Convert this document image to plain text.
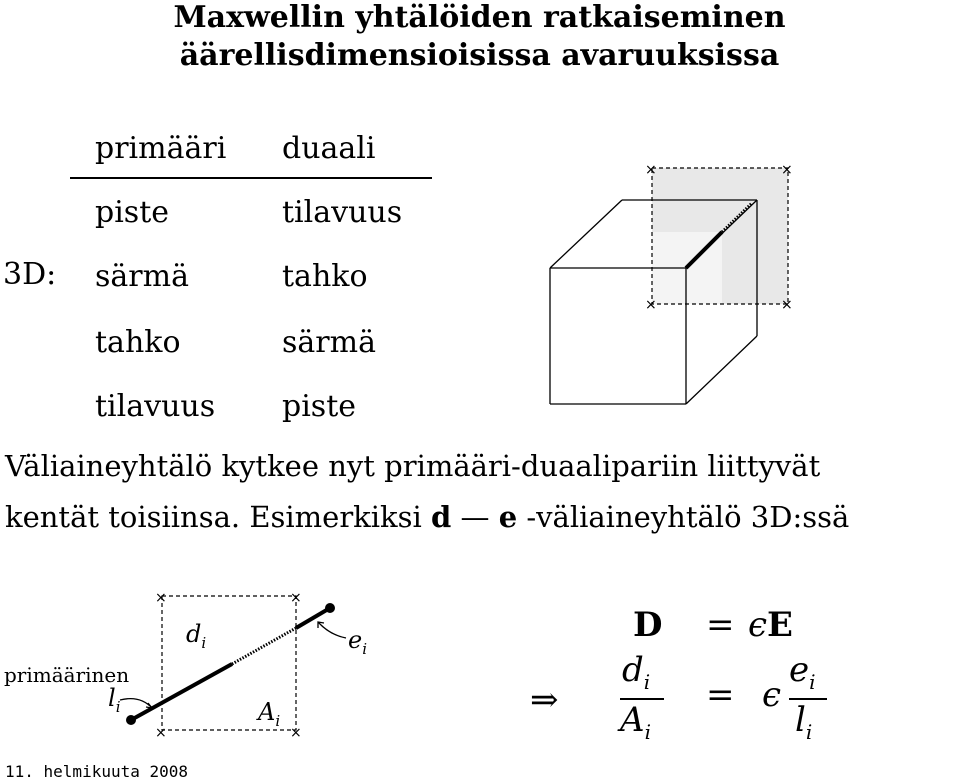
Maxwellin yhtälöiden ratkaiseminen
äärellisdimensioisissa avaruuksissa
primääri duaali
3D:
piste	tilavuus
särmä	tahko
tahko	särmä
tilavuus piste
Väliaineyhtälö kytkee nyt primääri-duaalipariin liittyvät
kentät toisiinsa. Esimerkiksi d — e -väliaineyhtälö 3D:ssä
×
×	×
×
×	×
×	×
primäärinen
$l_i$
$d_i$	$e_i$
$A_i$
D = ϵE
⇒
$d_i$
$A_i$
= ϵ
$e_i$
$l_i$
11. helmikuuta 2008
